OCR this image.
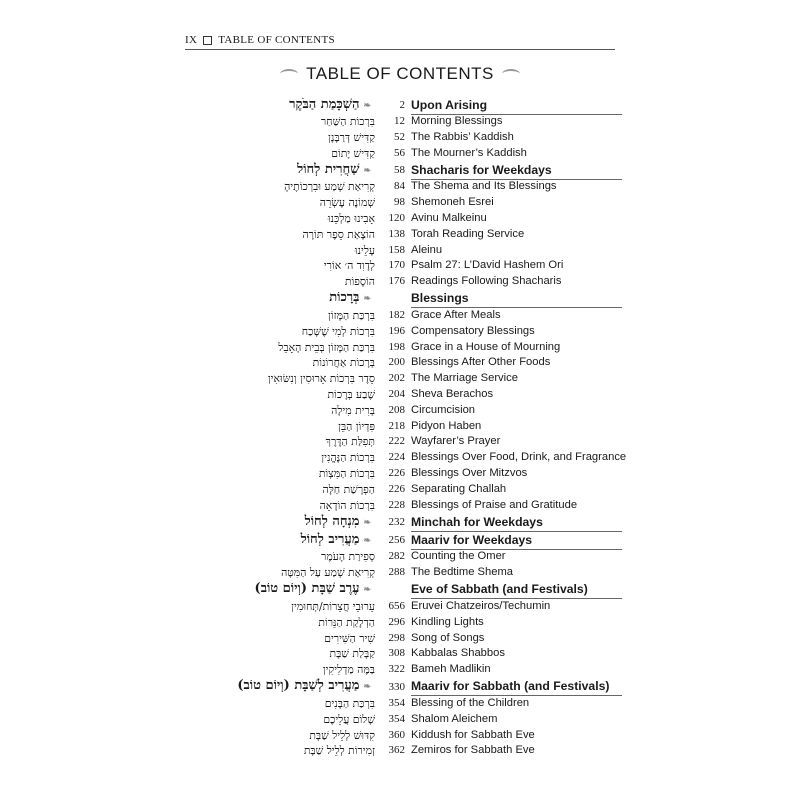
IX TABLE OF CONTENTS
TABLE OF CONTENTS
❧הַשְׁכָּמַת הַבֹּקֶר	2 Upon Arising
בִּרְכוֹת הַשַּׁחַר	12 Morning Blessings
קַדִּישׁ דְּרַבָּנָן	52 The Rabbis’ Kaddish
קַדִּישׁ יָתוֹם	56 The Mourner’s Kaddish
❧שַׁחֲרִית לְחוֹל	58 Shacharis for Weekdays
קְרִיאַת שְׁמַע וּבִרְכוֹתֶיהָ	84 The Shema and Its Blessings
שְׁמוֹנֶה עֶשְׂרֵה	98 Shemoneh Esrei
אָבִינוּ מַלְכֵּנוּ	120 Avinu Malkeinu
הוֹצָאַת סֵפֶר תּוֹרָה	138 Torah Reading Service
עָלֵינוּ	158 Aleinu
לְדָוִד ה׳ אוֹרִי	170 Psalm 27: L’David Hashem Ori
הוֹסָפוֹת	176 Readings Following Shacharis
❧בְּרָכוֹת	Blessings
בִּרְכַּת הַמָּזוֹן	182 Grace After Meals
בִּרְכוֹת לְמִי שֶׁשָּׁכַח	196 Compensatory Blessings
בִּרְכַּת הַמָּזוֹן בְּבֵית הָאָבֵל	198 Grace in a House of Mourning
בְּרָכוֹת אַחֲרוֹנוֹת	200 Blessings After Other Foods
סֵדֶר בִּרְכוֹת אֵרוּסִין וְנִשּׂוּאִין	202 The Marriage Service
שֶׁבַע בְּרָכוֹת	204 Sheva Berachos
בְּרִית מִילָה	208 Circumcision
פִּדְיוֹן הַבֵּן	218 Pidyon Haben
תְּפִלַּת הַדֶּרֶךְ	222 Wayfarer’s Prayer
בִּרְכוֹת הַנֶּהֱנִין	224 Blessings Over Food, Drink, and Fragrance
בִּרְכוֹת הַמִּצְוֹת	226 Blessings Over Mitzvos
הַפְרָשַׁת חַלָּה	226 Separating Challah
בִּרְכוֹת הוֹדָאָה	228 Blessings of Praise and Gratitude
❧מִנְחָה לְחוֹל	232 Minchah for Weekdays
❧מַעֲרִיב לְחוֹל	256 Maariv for Weekdays
סְפִירַת הָעֹמֶר	282 Counting the Omer
קְרִיאַת שְׁמַע עַל הַמִּטָּה	288 The Bedtime Shema
❧עֶרֶב שַׁבָּת (וְיוֹם טוֹב)	Eve of Sabbath (and Festivals)
עֵרוּבֵי חֲצֵרוֹת/תְּחוּמִין	656 Eruvei Chatzeiros/Techumin
הַדְלָקַת הַנֵּרוֹת	296 Kindling Lights
שִׁיר הַשִּׁירִים	298 Song of Songs
קַבָּלַת שַׁבָּת	308 Kabbalas Shabbos
בַּמֶּה מַדְלִיקִין	322 Bameh Madlikin
❧מַעֲרִיב לְשַׁבָּת (וְיוֹם טוֹב)	330 Maariv for Sabbath (and Festivals)
בִּרְכַּת הַבָּנִים	354 Blessing of the Children
שָׁלוֹם עֲלֵיכֶם	354 Shalom Aleichem
קִדּוּשׁ לְלֵיל שַׁבָּת	360 Kiddush for Sabbath Eve
זְמִירוֹת לְלֵיל שַׁבָּת	362 Zemiros for Sabbath Eve
